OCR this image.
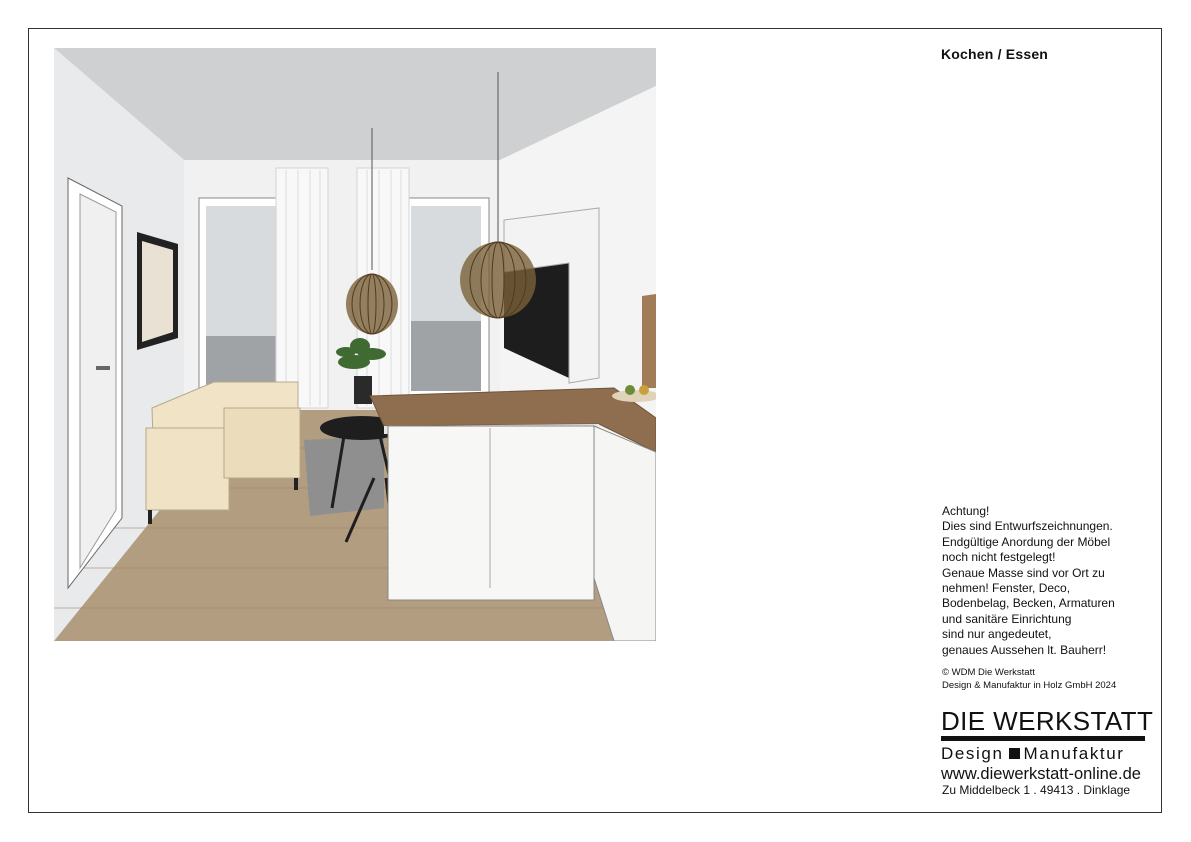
Kochen / Essen
Achtung!
Dies sind Entwurfszeichnungen.
Endgültige Anordung der Möbel
noch nicht festgelegt!
Genaue Masse sind vor Ort zu
nehmen! Fenster, Deco,
Bodenbelag, Becken, Armaturen
und sanitäre Einrichtung
sind nur angedeutet,
genaues Aussehen lt. Bauherr!
© WDM Die Werkstatt
Design & Manufaktur in Holz GmbH 2024
DIE WERKSTATT
Design Manufaktur
www.diewerkstatt-online.de
Zu Middelbeck 1 . 49413 . Dinklage
